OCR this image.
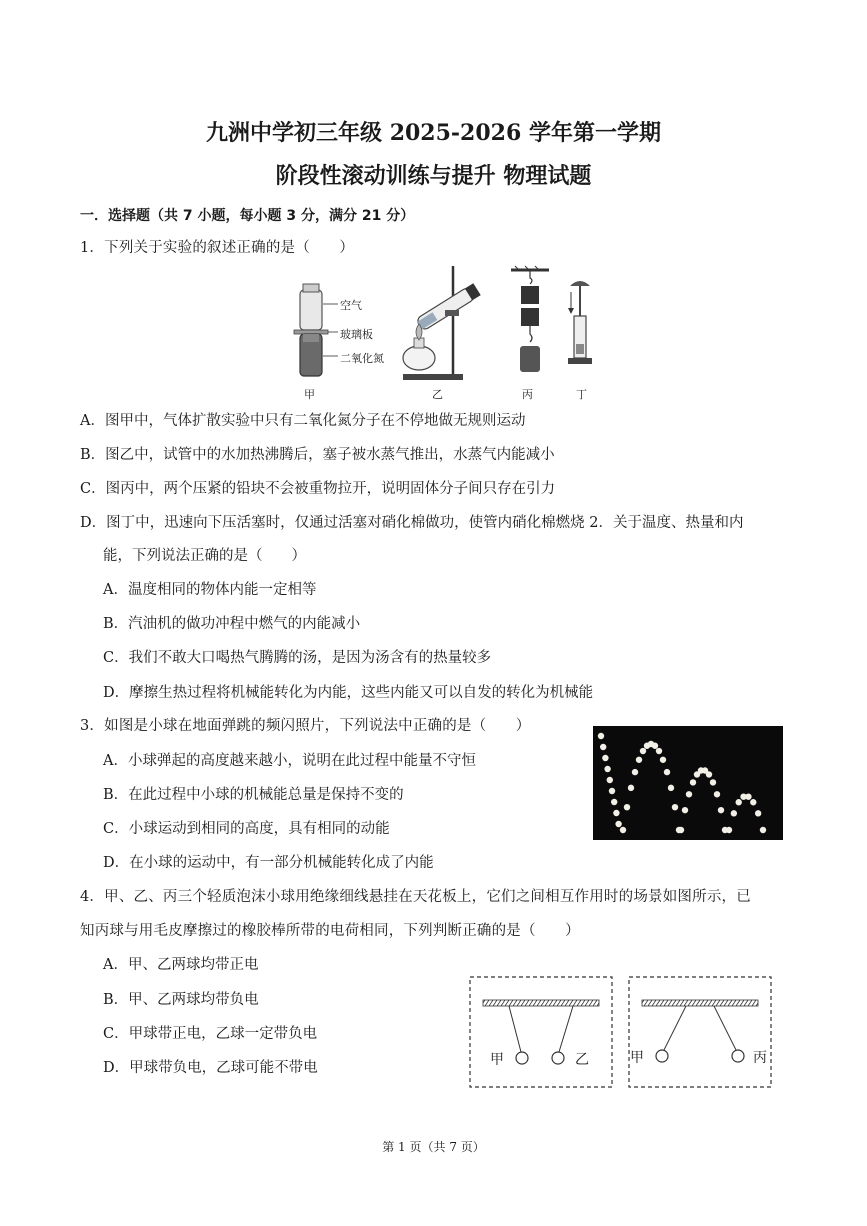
九洲中学初三年级 2025-2026 学年第一学期
阶段性滚动训练与提升 物理试题
一．选择题（共 7 小题，每小题 3 分，满分 21 分）
1．下列关于实验的叙述正确的是（　　）
空气
玻璃板
二氧化氮
甲	乙	丙	丁
A．图甲中，气体扩散实验中只有二氧化氮分子在不停地做无规则运动
B．图乙中，试管中的水加热沸腾后，塞子被水蒸气推出，水蒸气内能减小
C．图丙中，两个压紧的铅块不会被重物拉开，说明固体分子间只存在引力
D．图丁中，迅速向下压活塞时，仅通过活塞对硝化棉做功，使管内硝化棉燃烧 2．关于温度、热量和内
能，下列说法正确的是（　　）
A．温度相同的物体内能一定相等
B．汽油机的做功冲程中燃气的内能减小
C．我们不敢大口喝热气腾腾的汤，是因为汤含有的热量较多
D．摩擦生热过程将机械能转化为内能，这些内能又可以自发的转化为机械能
3．如图是小球在地面弹跳的频闪照片，下列说法中正确的是（　　）
A．小球弹起的高度越来越小，说明在此过程中能量不守恒
B．在此过程中小球的机械能总量是保持不变的
C．小球运动到相同的高度，具有相同的动能
D．在小球的运动中，有一部分机械能转化成了内能
4．甲、乙、丙三个轻质泡沫小球用绝缘细线悬挂在天花板上，它们之间相互作用时的场景如图所示，已
知丙球与用毛皮摩擦过的橡胶棒所带的电荷相同，下列判断正确的是（　　）
A．甲、乙两球均带正电
B．甲、乙两球均带负电
C．甲球带正电，乙球一定带负电
D．甲球带负电，乙球可能不带电	甲	乙	甲	丙
第 1 页（共 7 页）
